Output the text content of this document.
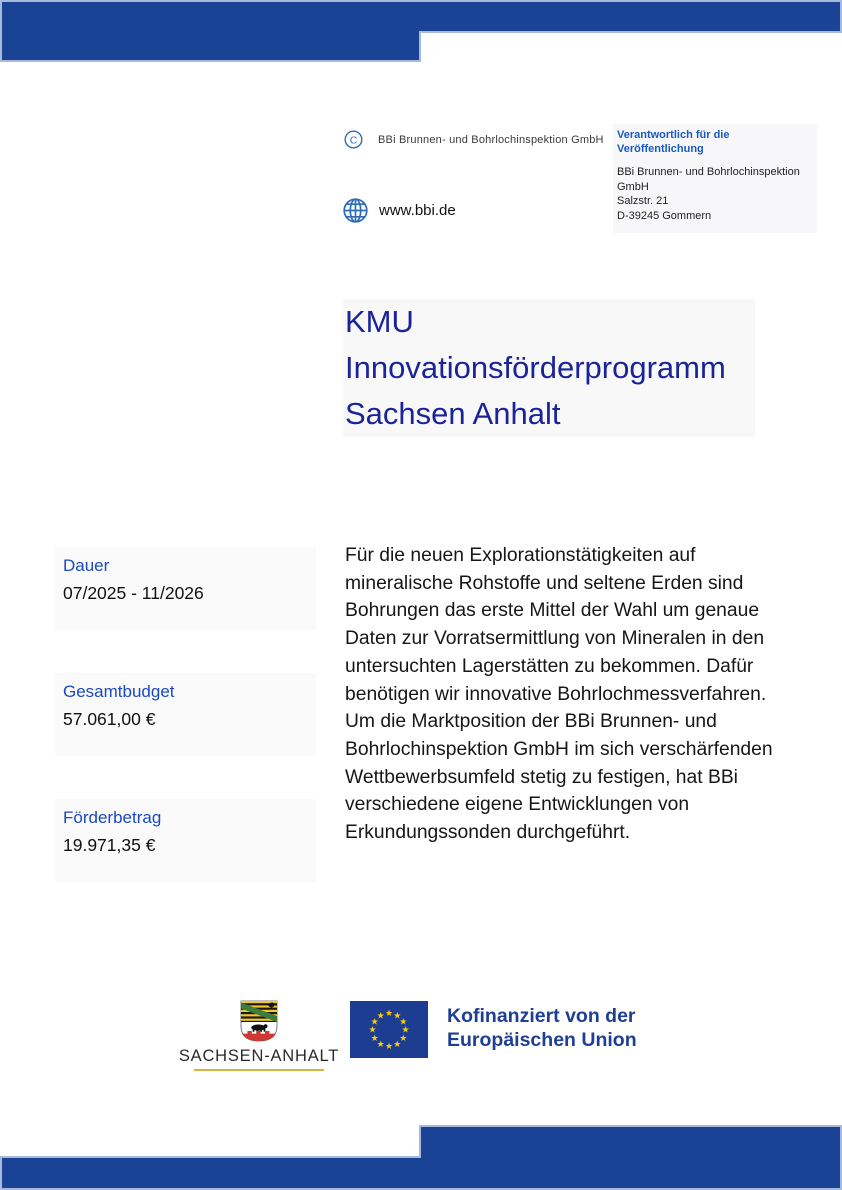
C BBi Brunnen- und Bohrlochinspektion GmbH Verantwortlich für die Veröffentlichung

BBi Brunnen- und Bohrlochinspektion GmbH
Salzstr. 21
D-39245 Gommern
www.bbi.de
KMU
Innovationsförderprogramm
Sachsen Anhalt
Dauer
07/2025 - 11/2026
Gesamtbudget
57.061,00 €
Förderbetrag
19.971,35 €

Für die neuen Explorationstätigkeiten auf mineralische Rohstoffe und seltene Erden sind Bohrungen das erste Mittel der Wahl um genaue Daten zur Vorratsermittlung von Mineralen in den untersuchten Lagerstätten zu bekommen. Dafür benötigen wir innovative Bohrlochmessverfahren. Um die Marktposition der BBi Brunnen- und Bohrlochinspektion GmbH im sich verschärfenden Wettbewerbsumfeld stetig zu festigen, hat BBi verschiedene eigene Entwicklungen von Erkundungssonden durchgeführt.

SACHSEN-ANHALT
★ ★
★
★
★
★
★
★
★
★
★
★	Kofinanziert von der Europäischen Union
